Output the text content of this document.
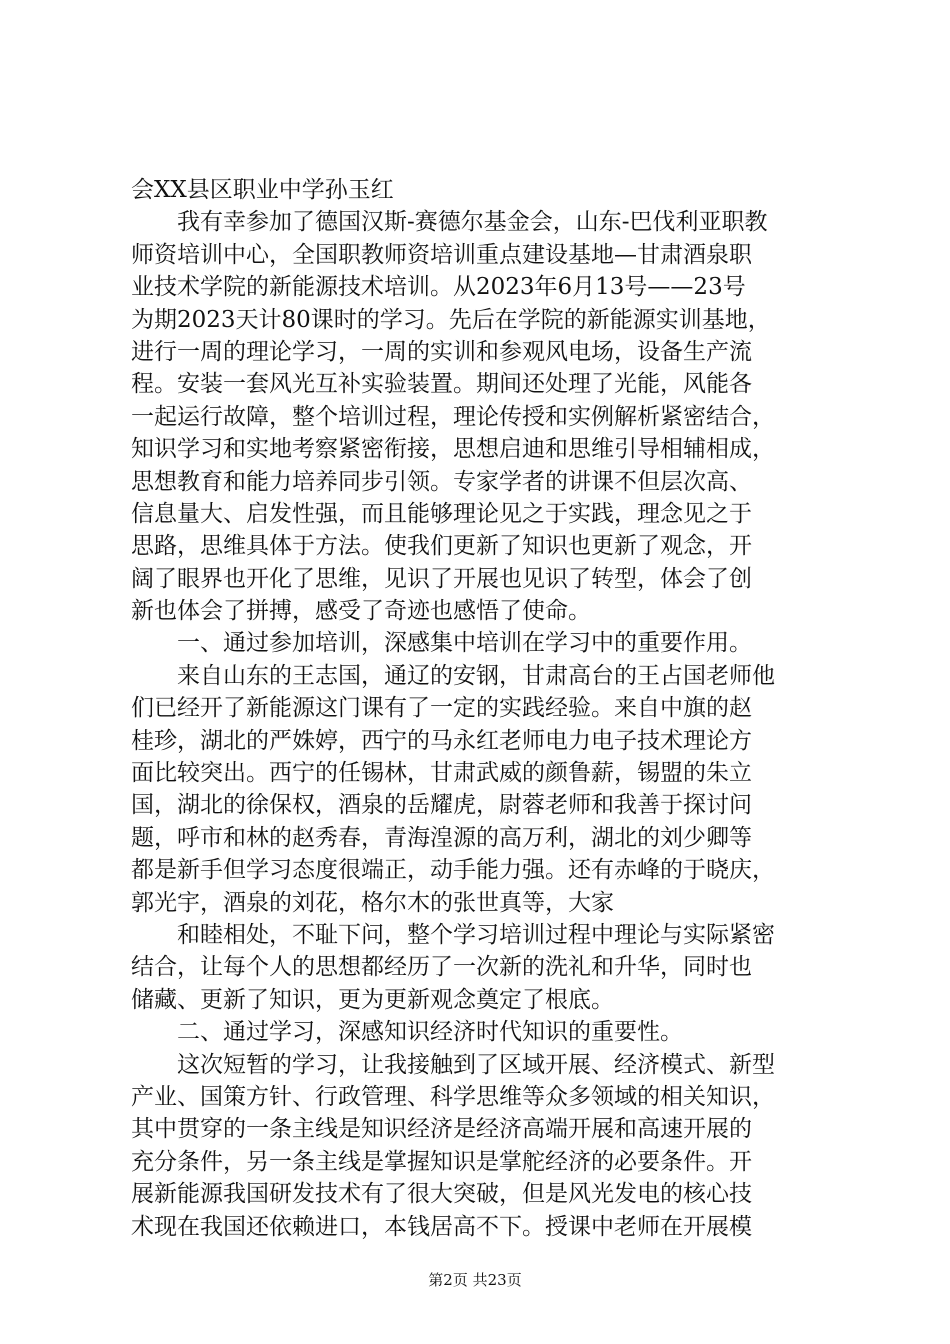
会XX县区职业中学孙玉红
我有幸参加了德国汉斯-赛德尔基金会，山东-巴伐利亚职教
师资培训中心，全国职教师资培训重点建设基地—甘肃酒泉职
业技术学院的新能源技术培训。从2023年6月13号——23号
为期2023天计80课时的学习。先后在学院的新能源实训基地，
进行一周的理论学习，一周的实训和参观风电场，设备生产流
程。安装一套风光互补实验装置。期间还处理了光能，风能各
一起运行故障，整个培训过程，理论传授和实例解析紧密结合，
知识学习和实地考察紧密衔接，思想启迪和思维引导相辅相成，
思想教育和能力培养同步引领。专家学者的讲课不但层次高、
信息量大、启发性强，而且能够理论见之于实践，理念见之于
思路，思维具体于方法。使我们更新了知识也更新了观念，开
阔了眼界也开化了思维，见识了开展也见识了转型，体会了创
新也体会了拼搏，感受了奇迹也感悟了使命。
一、通过参加培训，深感集中培训在学习中的重要作用。
来自山东的王志国，通辽的安钢，甘肃高台的王占国老师他
们已经开了新能源这门课有了一定的实践经验。来自中旗的赵
桂珍，湖北的严姝婷，西宁的马永红老师电力电子技术理论方
面比较突出。西宁的任锡林，甘肃武威的颜鲁薪，锡盟的朱立
国，湖北的徐保权，酒泉的岳耀虎，尉蓉老师和我善于探讨问
题，呼市和林的赵秀春，青海湟源的高万利，湖北的刘少卿等
都是新手但学习态度很端正，动手能力强。还有赤峰的于晓庆，
郭光宇，酒泉的刘花，格尔木的张世真等，大家
和睦相处，不耻下问，整个学习培训过程中理论与实际紧密
结合，让每个人的思想都经历了一次新的洗礼和升华，同时也
储藏、更新了知识，更为更新观念奠定了根底。
二、通过学习，深感知识经济时代知识的重要性。
这次短暂的学习，让我接触到了区域开展、经济模式、新型
产业、国策方针、行政管理、科学思维等众多领域的相关知识，
其中贯穿的一条主线是知识经济是经济高端开展和高速开展的
充分条件，另一条主线是掌握知识是掌舵经济的必要条件。开
展新能源我国研发技术有了很大突破，但是风光发电的核心技
术现在我国还依赖进口，本钱居高不下。授课中老师在开展模
第2页 共23页
